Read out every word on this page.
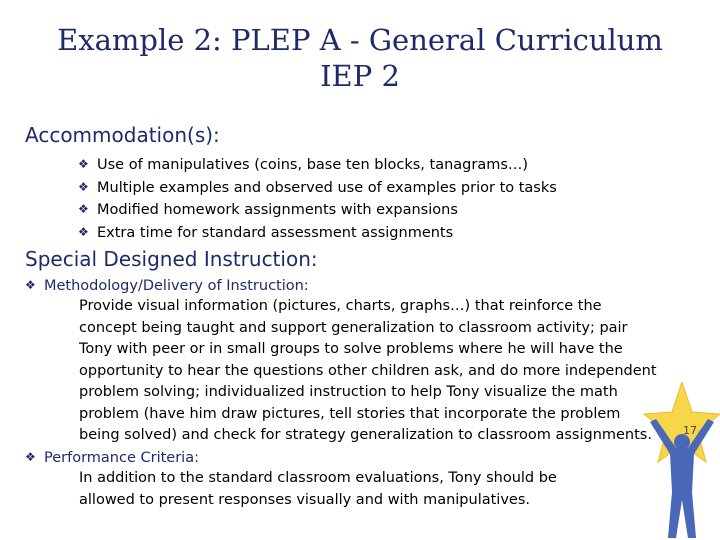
Example 2: PLEP A - General Curriculum
IEP 2
Accommodation(s):
❖ Use of manipulatives (coins, base ten blocks, tanagrams…)
❖ Multiple examples and observed use of examples prior to tasks
❖ Modified homework assignments with expansions
❖ Extra time for standard assessment assignments
Special Designed Instruction:
❖ Methodology/Delivery of Instruction:

Provide visual information (pictures, charts, graphs…) that reinforce the
concept being taught and support generalization to classroom activity; pair
Tony with peer or in small groups to solve problems where he will have the
opportunity to hear the questions other children ask, and do more independent
problem solving; individualized instruction to help Tony visualize the math
problem (have him draw pictures, tell stories that incorporate the problem
being solved) and check for strategy generalization to classroom assignments.

❖ Performance Criteria:

In addition to the standard classroom evaluations, Tony should be
allowed to present responses visually and with manipulatives.

17
